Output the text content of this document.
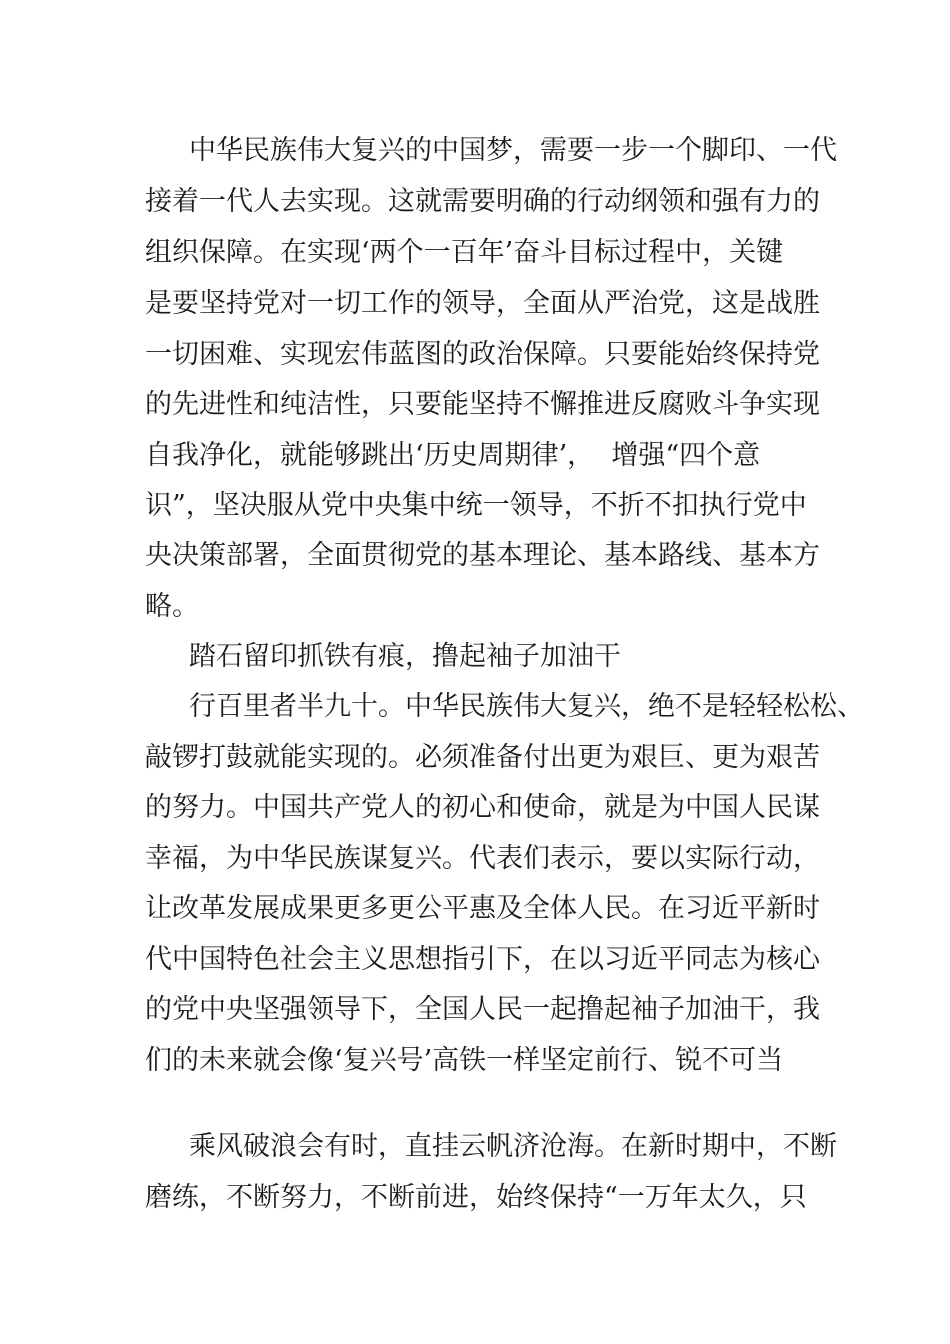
中华民族伟大复兴的中国梦，需要一步一个脚印、一代
接着一代人去实现。这就需要明确的行动纲领和强有力的
组织保障。在实现‘两个一百年’奋斗目标过程中，关键
是要坚持党对一切工作的领导，全面从严治党，这是战胜
一切困难、实现宏伟蓝图的政治保障。只要能始终保持党
的先进性和纯洁性，只要能坚持不懈推进反腐败斗争实现
自我净化，就能够跳出‘历史周期律’，  增强“四个意
识”，坚决服从党中央集中统一领导，不折不扣执行党中
央决策部署，全面贯彻党的基本理论、基本路线、基本方
略。
踏石留印抓铁有痕，撸起袖子加油干
行百里者半九十。中华民族伟大复兴，绝不是轻轻松松、
敲锣打鼓就能实现的。必须准备付出更为艰巨、更为艰苦
的努力。中国共产党人的初心和使命，就是为中国人民谋
幸福，为中华民族谋复兴。代表们表示，要以实际行动，
让改革发展成果更多更公平惠及全体人民。在习近平新时
代中国特色社会主义思想指引下，在以习近平同志为核心
的党中央坚强领导下，全国人民一起撸起袖子加油干，我
们的未来就会像‘复兴号’高铁一样坚定前行、锐不可当
乘风破浪会有时，直挂云帆济沧海。在新时期中，不断
磨练，不断努力，不断前进，始终保持“一万年太久，只
